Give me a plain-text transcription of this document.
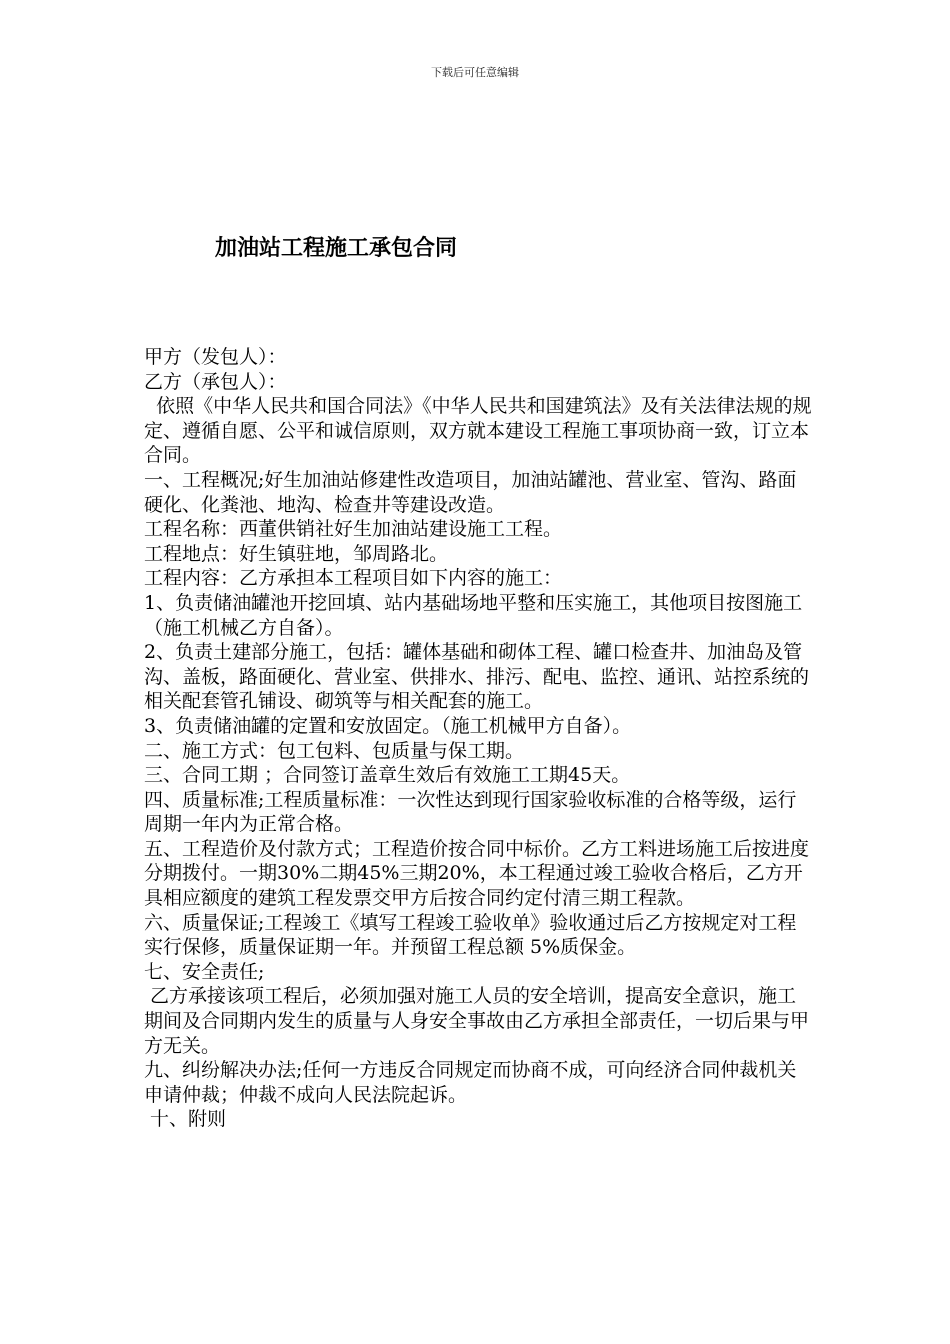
下载后可任意编辑
加油站工程施工承包合同

甲方（发包人）：

乙方（承包人）：

依照《中华人民共和国合同法》《中华人民共和国建筑法》及有关法律法规的规定、遵循自愿、公平和诚信原则，双方就本建设工程施工事项协商一致，订立本合同。

一、工程概况;好生加油站修建性改造项目，加油站罐池、营业室、管沟、路面硬化、化粪池、地沟、检查井等建设改造。

工程名称：西董供销社好生加油站建设施工工程。

工程地点：好生镇驻地，邹周路北。

工程内容：乙方承担本工程项目如下内容的施工：

1、负责储油罐池开挖回填、站内基础场地平整和压实施工，其他项目按图施工（施工机械乙方自备）。

2、负责土建部分施工，包括：罐体基础和砌体工程、罐口检查井、加油岛及管沟、盖板，路面硬化、营业室、供排水、排污、配电、监控、通讯、站控系统的相关配套管孔铺设、砌筑等与相关配套的施工。

3、负责储油罐的定置和安放固定。（施工机械甲方自备）。

二、施工方式：包工包料、包质量与保工期。

三、合同工期 ；合同签订盖章生效后有效施工工期45天。

四、质量标准;工程质量标准：一次性达到现行国家验收标准的合格等级，运行周期一年内为正常合格。

五、工程造价及付款方式；工程造价按合同中标价。乙方工料进场施工后按进度分期拨付。一期30%二期45%三期20%，本工程通过竣工验收合格后，乙方开具相应额度的建筑工程发票交甲方后按合同约定付清三期工程款。

六、质量保证;工程竣工《填写工程竣工验收单》验收通过后乙方按规定对工程实行保修，质量保证期一年。并预留工程总额 5%质保金。

七、安全责任;

乙方承接该项工程后，必须加强对施工人员的安全培训，提高安全意识，施工期间及合同期内发生的质量与人身安全事故由乙方承担全部责任，一切后果与甲方无关。

九、纠纷解决办法;任何一方违反合同规定而协商不成，可向经济合同仲裁机关申请仲裁；仲裁不成向人民法院起诉。

十、附则
